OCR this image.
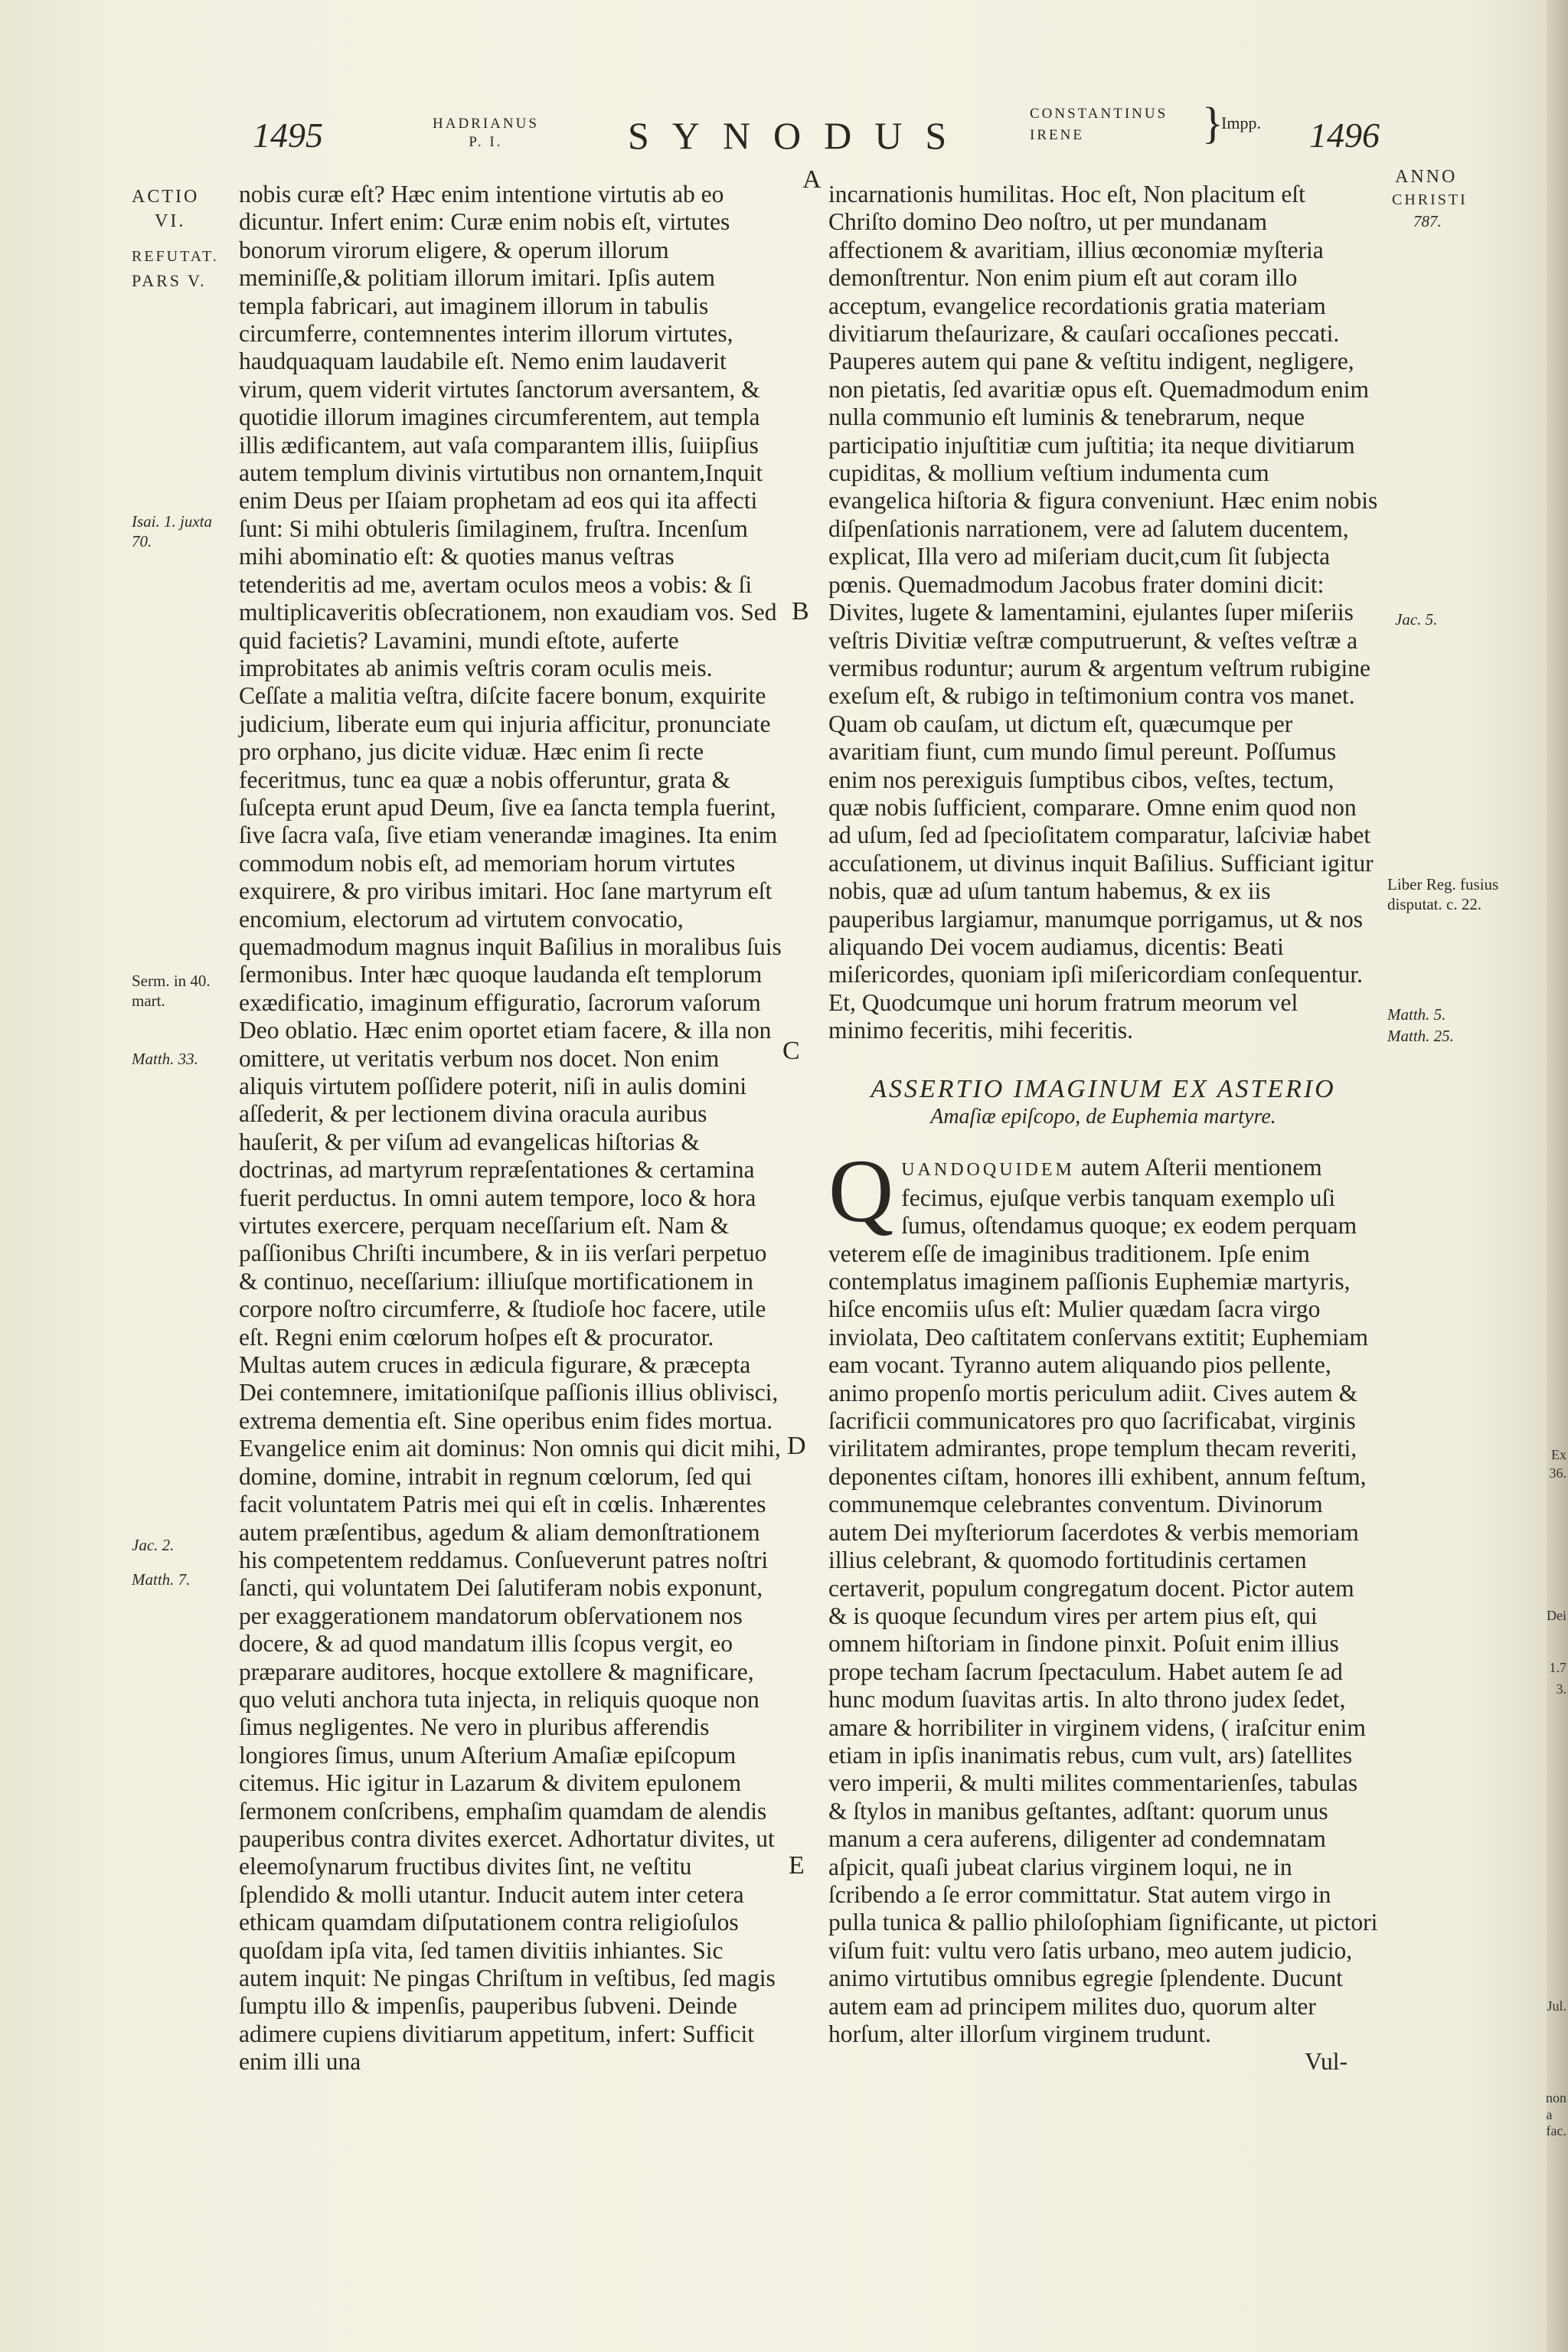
1495	HADRIANUS
P. I.	SYNODUS
CONSTANTINUS
IRENE	}
Impp. 1496
ACTIO
VI.
REFUTAT.
PARS V.
Isai. 1. juxta 70.
Serm. in 40. mart.
Matth. 33.
Jac. 2.
Matth. 7.
A
B
C
D
E
ANNO
CHRISTI
787.
Jac. 5.
Liber Reg. fusius disputat. c. 22.
Matth. 5.
Matth. 25.

nobis curæ eſt? Hæc enim intentione virtutis ab eo dicuntur. Infert enim: Curæ enim nobis eſt, virtutes bonorum virorum eligere, & operum illorum meminiſſe,& politiam illorum imitari. Ipſis autem templa fabricari, aut imaginem illorum in tabulis circumferre, contemnentes interim illorum virtutes, haudquaquam laudabile eſt. Nemo enim laudaverit virum, quem viderit virtutes ſanctorum aversantem, & quotidie illorum imagines circumferentem, aut templa illis ædificantem, aut vaſa comparantem illis, ſuiipſius autem templum divinis virtutibus non ornantem,Inquit enim Deus per Iſaiam prophetam ad eos qui ita affecti ſunt: Si mihi obtuleris ſimilaginem, fruſtra. Incenſum mihi abominatio eſt: & quoties manus veſtras tetenderitis ad me, avertam oculos meos a vobis: & ſi multiplicaveritis obſecrationem, non exaudiam vos. Sed quid facietis? Lavamini, mundi eſtote, auferte improbitates ab animis veſtris coram oculis meis. Ceſſate a malitia veſtra, diſcite facere bonum, exquirite judicium, liberate eum qui injuria afficitur, pronunciate pro orphano, jus dicite viduæ. Hæc enim ſi recte feceritmus, tunc ea quæ a nobis offeruntur, grata & ſuſcepta erunt apud Deum, ſive ea ſancta templa fuerint, ſive ſacra vaſa, ſive etiam venerandæ imagines. Ita enim commodum nobis eſt, ad memoriam horum virtutes exquirere, & pro viribus imitari. Hoc ſane martyrum eſt encomium, electorum ad virtutem convocatio, quemadmodum magnus inquit Baſilius in moralibus ſuis ſermonibus. Inter hæc quoque laudanda eſt templorum exædificatio, imaginum effiguratio, ſacrorum vaſorum Deo oblatio. Hæc enim oportet etiam facere, & illa non omittere, ut veritatis verbum nos docet. Non enim aliquis virtutem poſſidere poterit, niſi in aulis domini aſſederit, & per lectionem divina oracula auribus hauſerit, & per viſum ad evangelicas hiſtorias & doctrinas, ad martyrum repræſentationes & certamina fuerit perductus. In omni autem tempore, loco & hora virtutes exercere, perquam neceſſarium eſt. Nam & paſſionibus Chriſti incumbere, & in iis verſari perpetuo & continuo, neceſſarium: illiuſque mortificationem in corpore noſtro circumferre, & ſtudioſe hoc facere, utile eſt. Regni enim cœlorum hoſpes eſt & procurator. Multas autem cruces in ædicula figurare, & præcepta Dei contemnere, imitationiſque paſſionis illius oblivisci, extrema dementia eſt. Sine operibus enim fides mortua. Evangelice enim ait dominus: Non omnis qui dicit mihi, domine, domine, intrabit in regnum cœlorum, ſed qui facit voluntatem Patris mei qui eſt in cœlis. Inhærentes autem præſentibus, agedum & aliam demonſtrationem his competentem reddamus. Conſueverunt patres noſtri ſancti, qui voluntatem Dei ſalutiferam nobis exponunt, per exaggerationem mandatorum obſervationem nos docere, & ad quod mandatum illis ſcopus vergit, eo præparare auditores, hocque extollere & magnificare, quo veluti anchora tuta injecta, in reliquis quoque non ſimus negligentes. Ne vero in pluribus afferendis longiores ſimus, unum Aſterium Amaſiæ epiſcopum citemus. Hic igitur in Lazarum & divitem epulonem ſermonem conſcribens, emphaſim quamdam de alendis pauperibus contra divites exercet. Adhortatur divites, ut eleemoſynarum fructibus divites ſint, ne veſtitu ſplendido & molli utantur. Inducit autem inter cetera ethicam quamdam diſputationem contra religioſulos quoſdam ipſa vita, ſed tamen divitiis inhiantes. Sic autem inquit: Ne pingas Chriſtum in veſtibus, ſed magis ſumptu illo & impenſis, pauperibus ſubveni. Deinde adimere cupiens divitiarum appetitum, infert: Sufficit enim illi una

incarnationis humilitas. Hoc eſt, Non placitum eſt Chriſto domino Deo noſtro, ut per mundanam affectionem & avaritiam, illius œconomiæ myſteria demonſtrentur. Non enim pium eſt aut coram illo acceptum, evangelice recordationis gratia materiam divitiarum theſaurizare, & cauſari occaſiones peccati. Pauperes autem qui pane & veſtitu indigent, negligere, non pietatis, ſed avaritiæ opus eſt. Quemadmodum enim nulla communio eſt luminis & tenebrarum, neque participatio injuſtitiæ cum juſtitia; ita neque divitiarum cupiditas, & mollium veſtium indumenta cum evangelica hiſtoria & figura conveniunt. Hæc enim nobis diſpenſationis narrationem, vere ad ſalutem ducentem, explicat, Illa vero ad miſeriam ducit,cum ſit ſubjecta pœnis. Quemadmodum Jacobus frater domini dicit: Divites, lugete & lamentamini, ejulantes ſuper miſeriis veſtris Divitiæ veſtræ computruerunt, & veſtes veſtræ a vermibus roduntur; aurum & argentum veſtrum rubigine exeſum eſt, & rubigo in teſtimonium contra vos manet. Quam ob cauſam, ut dictum eſt, quæcumque per avaritiam fiunt, cum mundo ſimul pereunt. Poſſumus enim nos perexiguis ſumptibus cibos, veſtes, tectum, quæ nobis ſufficient, comparare. Omne enim quod non ad uſum, ſed ad ſpecioſitatem comparatur, laſciviæ habet accuſationem, ut divinus inquit Baſilius. Sufficiant igitur nobis, quæ ad uſum tantum habemus, & ex iis pauperibus largiamur, manumque porrigamus, ut & nos aliquando Dei vocem audiamus, dicentis: Beati miſericordes, quoniam ipſi miſericordiam conſequentur. Et, Quodcumque uni horum fratrum meorum vel minimo feceritis, mihi feceritis.

ASSERTIO IMAGINUM EX ASTERIO
Amaſiæ epiſcopo, de Euphemia martyre.

QUANDOQUIDEM autem Aſterii mentionem fecimus, ejuſque verbis tanquam exemplo uſi ſumus, oſtendamus quoque; ex eodem perquam veterem eſſe de imaginibus traditionem. Ipſe enim contemplatus imaginem paſſionis Euphemiæ martyris, hiſce encomiis uſus eſt: Mulier quædam ſacra virgo inviolata, Deo caſtitatem conſervans extitit; Euphemiam eam vocant. Tyranno autem aliquando pios pellente, animo propenſo mortis periculum adiit. Cives autem & ſacrificii communicatores pro quo ſacrificabat, virginis virilitatem admirantes, prope templum thecam reveriti, deponentes ciſtam, honores illi exhibent, annum feſtum, communemque celebrantes conventum. Divinorum autem Dei myſteriorum ſacerdotes & verbis memoriam illius celebrant, & quomodo fortitudinis certamen certaverit, populum congregatum docent. Pictor autem & is quoque ſecundum vires per artem pius eſt, qui omnem hiſtoriam in ſindone pinxit. Poſuit enim illius prope techam ſacrum ſpectaculum. Habet autem ſe ad hunc modum ſuavitas artis. In alto throno judex ſedet, amare & horribiliter in virginem videns, ( iraſcitur enim etiam in ipſis inanimatis rebus, cum vult, ars) ſatellites vero imperii, & multi milites commentarienſes, tabulas & ſtylos in manibus geſtantes, adſtant: quorum unus manum a cera auferens, diligenter ad condemnatam aſpicit, quaſi jubeat clarius virginem loqui, ne in ſcribendo a ſe error committatur. Stat autem virgo in pulla tunica & pallio philoſophiam ſignificante, ut pictori viſum fuit: vultu vero ſatis urbano, meo autem judicio, animo virtutibus omnibus egregie ſplendente. Ducunt autem eam ad principem milites duo, quorum alter horſum, alter illorſum virginem trudunt.

Vul-
Ex
36.
Dei
1.7
3.
Jul.
non
a fac.
